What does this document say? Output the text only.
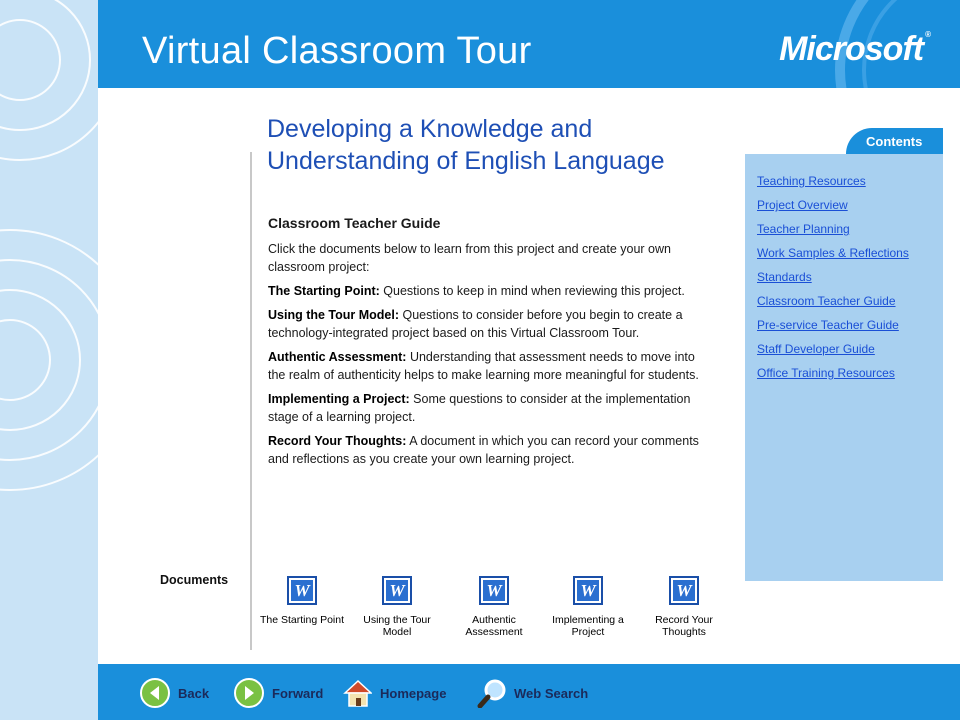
Virtual Classroom Tour	Microsoft ®
Developing a Knowledge and Understanding of English Language
Classroom Teacher Guide
Click the documents below to learn from this project and create your own classroom project:
The Starting Point: Questions to keep in mind when reviewing this project.
Using the Tour Model: Questions to consider before you begin to create a technology-integrated project based on this Virtual Classroom Tour.
Authentic Assessment: Understanding that assessment needs to move into the realm of authenticity helps to make learning more meaningful for students.
Implementing a Project: Some questions to consider at the implementation stage of a learning project.
Record Your Thoughts: A document in which you can record your comments and reflections as you create your own learning project.
Documents
W
The Starting Point
W
Using the Tour
Model
W
Authentic
Assessment
W
Implementing a
Project
W
Record Your
Thoughts
Contents
Teaching Resources
Project Overview
Teacher Planning
Work Samples & Reflections
Standards
Classroom Teacher Guide
Pre-service Teacher Guide
Staff Developer Guide
Office Training Resources
Back	Forward	Homepage	Web Search
